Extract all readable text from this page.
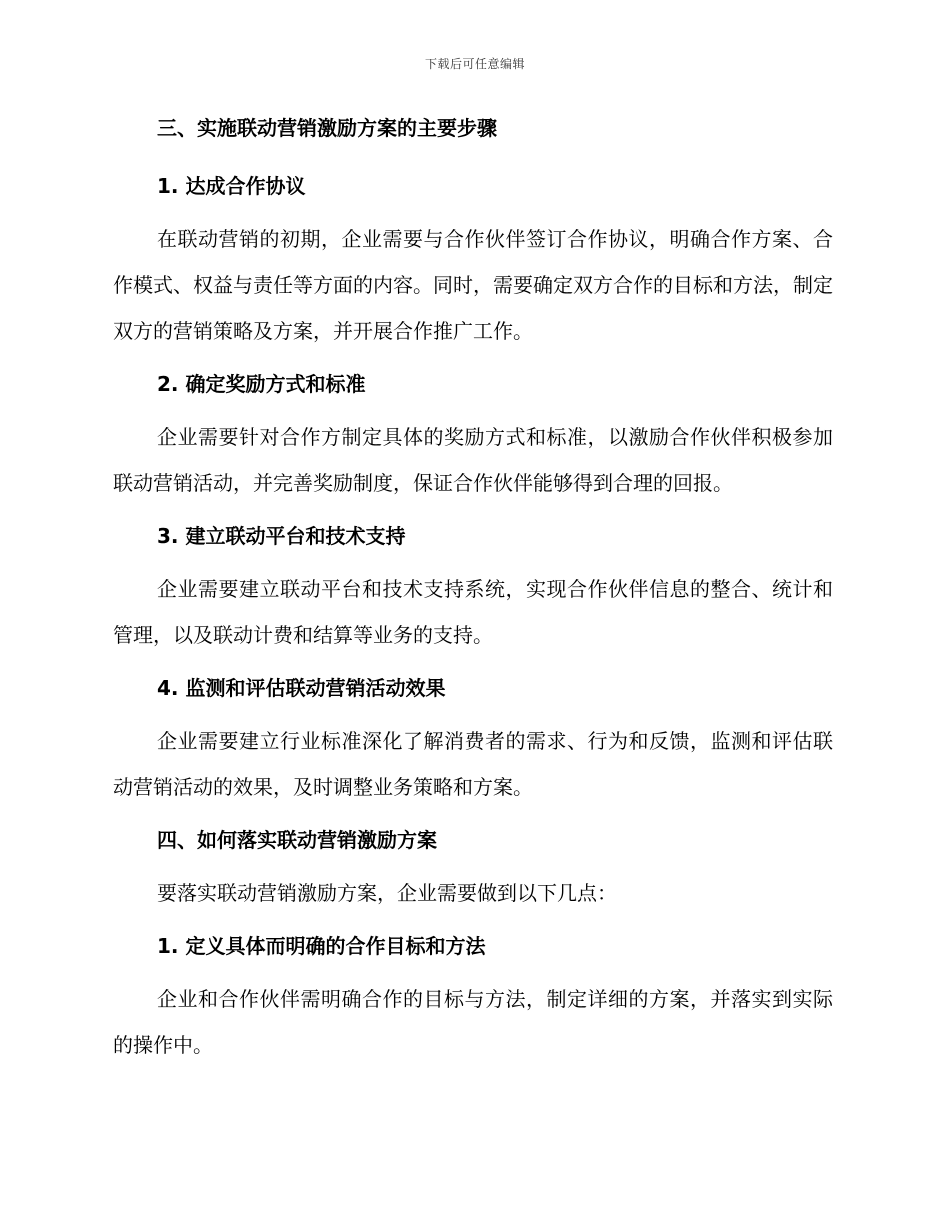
下载后可任意编辑
三、实施联动营销激励方案的主要步骤
1. 达成合作协议

在联动营销的初期，企业需要与合作伙伴签订合作协议，明确合作方案、合作模式、权益与责任等方面的内容。同时，需要确定双方合作的目标和方法，制定双方的营销策略及方案，并开展合作推广工作。

2. 确定奖励方式和标准

企业需要针对合作方制定具体的奖励方式和标准，以激励合作伙伴积极参加联动营销活动，并完善奖励制度，保证合作伙伴能够得到合理的回报。

3. 建立联动平台和技术支持

企业需要建立联动平台和技术支持系统，实现合作伙伴信息的整合、统计和管理，以及联动计费和结算等业务的支持。

4. 监测和评估联动营销活动效果

企业需要建立行业标准深化了解消费者的需求、行为和反馈，监测和评估联动营销活动的效果，及时调整业务策略和方案。

四、如何落实联动营销激励方案

要落实联动营销激励方案，企业需要做到以下几点：

1. 定义具体而明确的合作目标和方法

企业和合作伙伴需明确合作的目标与方法，制定详细的方案，并落实到实际的操作中。
